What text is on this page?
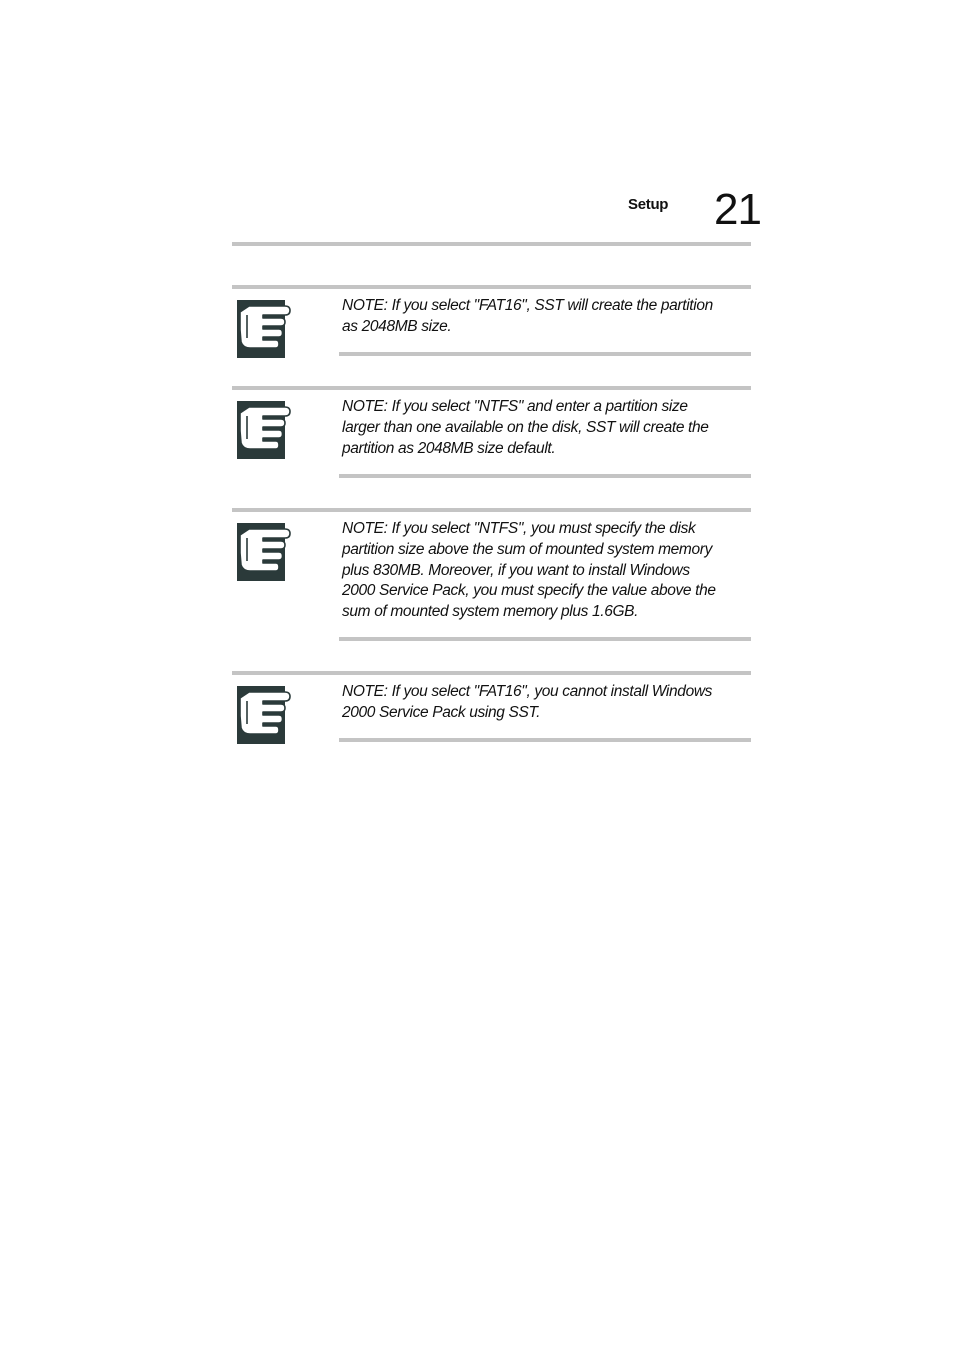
Setup 21
NOTE: If you select "FAT16", SST will create the partition as 2048MB size.
NOTE: If you select "NTFS" and enter a partition size larger than one available on the disk, SST will create the partition as 2048MB size default.
NOTE: If you select "NTFS", you must specify the disk partition size above the sum of mounted system memory plus 830MB. Moreover, if you want to install Windows 2000 Service Pack, you must specify the value above the sum of mounted system memory plus 1.6GB.
NOTE: If you select "FAT16", you cannot install Windows 2000 Service Pack using SST.
